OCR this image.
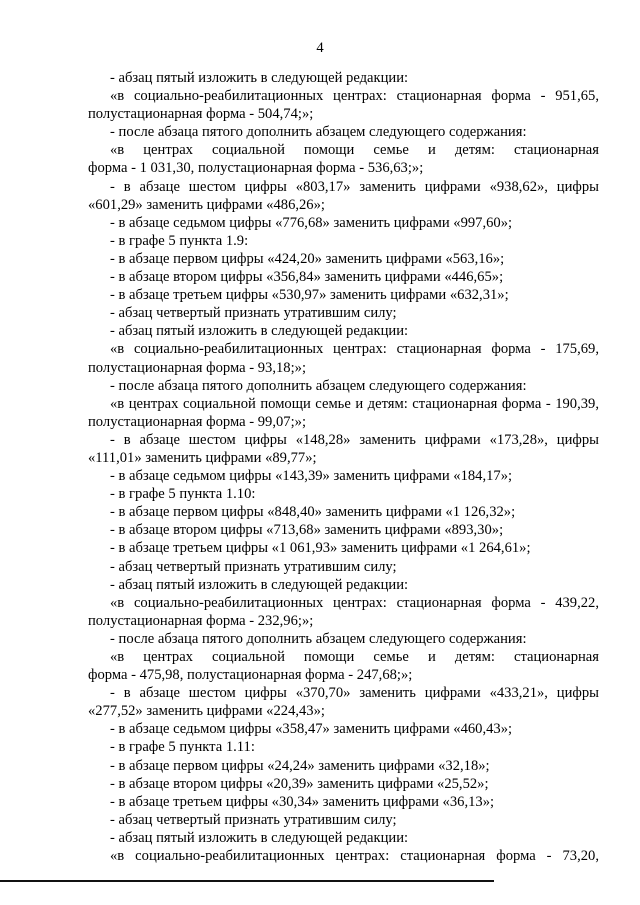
4
- абзац пятый изложить в следующей редакции:
«в социально-реабилитационных центрах: стационарная форма - 951,65,
полустационарная форма - 504,74;»;
- после абзаца пятого дополнить абзацем следующего содержания:
«в центрах социальной помощи семье и детям: стационарная
форма - 1 031,30, полустационарная форма - 536,63;»;
- в абзаце шестом цифры «803,17» заменить цифрами «938,62», цифры
«601,29» заменить цифрами «486,26»;
- в абзаце седьмом цифры «776,68» заменить цифрами «997,60»;
- в графе 5 пункта 1.9:
- в абзаце первом цифры «424,20» заменить цифрами «563,16»;
- в абзаце втором цифры «356,84» заменить цифрами «446,65»;
- в абзаце третьем цифры «530,97» заменить цифрами «632,31»;
- абзац четвертый признать утратившим силу;
- абзац пятый изложить в следующей редакции:
«в социально-реабилитационных центрах: стационарная форма - 175,69,
полустационарная форма - 93,18;»;
- после абзаца пятого дополнить абзацем следующего содержания:
«в центрах социальной помощи семье и детям: стационарная форма - 190,39,
полустационарная форма - 99,07;»;
- в абзаце шестом цифры «148,28» заменить цифрами «173,28», цифры
«111,01» заменить цифрами «89,77»;
- в абзаце седьмом цифры «143,39» заменить цифрами «184,17»;
- в графе 5 пункта 1.10:
- в абзаце первом цифры «848,40» заменить цифрами «1 126,32»;
- в абзаце втором цифры «713,68» заменить цифрами «893,30»;
- в абзаце третьем цифры «1 061,93» заменить цифрами «1 264,61»;
- абзац четвертый признать утратившим силу;
- абзац пятый изложить в следующей редакции:
«в социально-реабилитационных центрах: стационарная форма - 439,22,
полустационарная форма - 232,96;»;
- после абзаца пятого дополнить абзацем следующего содержания:
«в центрах социальной помощи семье и детям: стационарная
форма - 475,98, полустационарная форма - 247,68;»;
- в абзаце шестом цифры «370,70» заменить цифрами «433,21», цифры
«277,52» заменить цифрами «224,43»;
- в абзаце седьмом цифры «358,47» заменить цифрами «460,43»;
- в графе 5 пункта 1.11:
- в абзаце первом цифры «24,24» заменить цифрами «32,18»;
- в абзаце втором цифры «20,39» заменить цифрами «25,52»;
- в абзаце третьем цифры «30,34» заменить цифрами «36,13»;
- абзац четвертый признать утратившим силу;
- абзац пятый изложить в следующей редакции:
«в социально-реабилитационных центрах: стационарная форма - 73,20,
